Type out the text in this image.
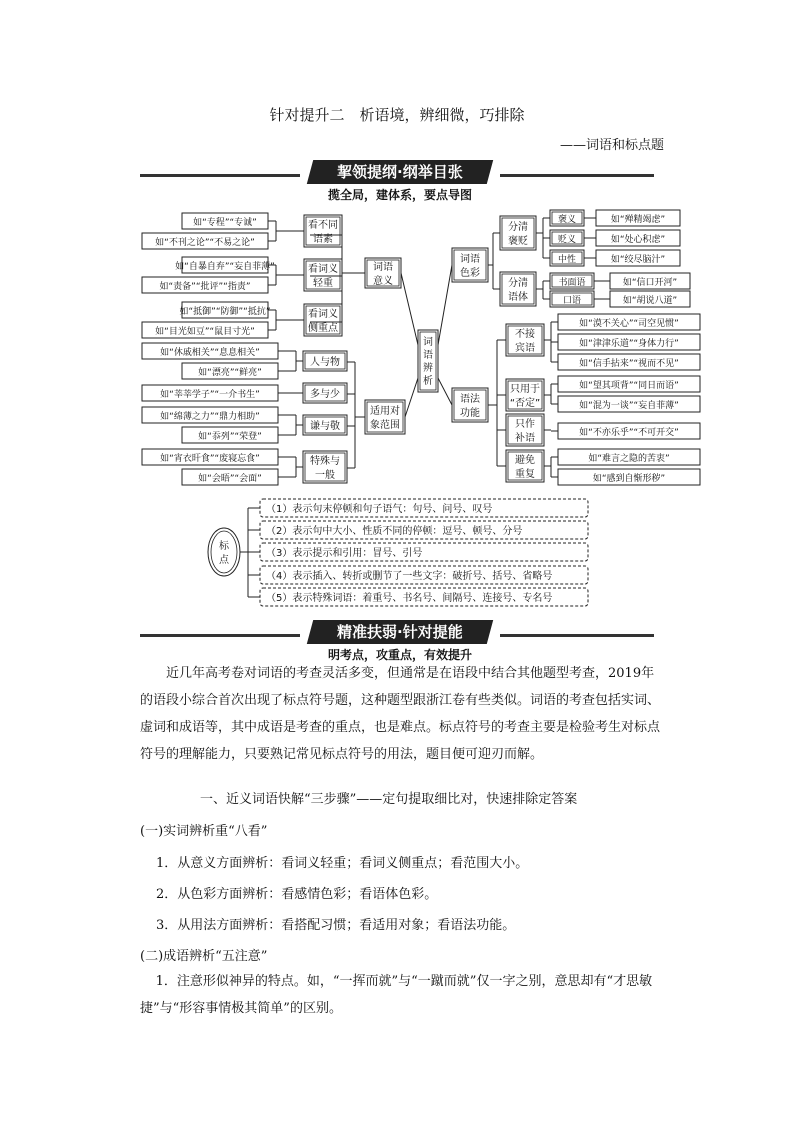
针对提升二　析语境，辨细微，巧排除
——词语和标点题
挈领提纲·纲举目张
揽全局，建体系，要点导图
如“专程”“专诚”
如“不刊之论”“不易之论”
看不同
语素
如“自暴自弃”“妄自菲薄”
如“责备”“批评”“指责”
看词义
轻重
如“抵御”“防御”“抵抗”
如“目光如豆”“鼠目寸光”
看词义
侧重点
词语
意义
如“休戚相关”“息息相关”
如“漂亮”“鲜亮”
人与物
如“莘莘学子”“一介书生”	多与少
如“绵薄之力”“鼎力相助”
如“忝列”“荣登”
谦与敬
如“宵衣旰食”“废寝忘食”
如“会晤”“会面”
特殊与
一般
适用对
象范围
词
语
辨
析
词语
色彩
分清
褒贬
分清
语体
褒义	如“殚精竭虑”
贬义	如“处心积虑”
中性	如“绞尽脑汁”
书面语	如“信口开河”
口语	如“胡说八道”
语法
功能
不接
宾语
如“漠不关心”“司空见惯”
如“津津乐道”“身体力行”
如“信手拈来”“视而不见”
只用于
“否定”
如“望其项背”“同日而语”
如“混为一谈”“妄自菲薄”
只作
补语	如“不亦乐乎”“不可开交”
避免
重复
如“难言之隐的苦衷”
如“感到自惭形秽”
标
点
（1）表示句末停顿和句子语气：句号、问号、叹号
（2）表示句中大小、性质不同的停顿：逗号、顿号、分号
（3）表示提示和引用：冒号、引号
（4）表示插入、转折或删节了一些文字：破折号、括号、省略号
（5）表示特殊词语：着重号、书名号、间隔号、连接号、专名号
精准扶弱·针对提能
明考点，攻重点，有效提升
近几年高考卷对词语的考查灵活多变，但通常是在语段中结合其他题型考查，2019年的语段小综合首次出现了标点符号题，这种题型跟浙江卷有些类似。词语的考查包括实词、虚词和成语等，其中成语是考查的重点，也是难点。标点符号的考查主要是检验考生对标点符号的理解能力，只要熟记常见标点符号的用法，题目便可迎刃而解。
一、近义词语快解“三步骤”——定句提取细比对，快速排除定答案
(一)实词辨析重“八看”
1．从意义方面辨析：看词义轻重；看词义侧重点；看范围大小。
2．从色彩方面辨析：看感情色彩；看语体色彩。
3．从用法方面辨析：看搭配习惯；看适用对象；看语法功能。
(二)成语辨析“五注意”
1．注意形似神异的特点。如，“一挥而就”与“一蹴而就”仅一字之别，意思却有“才思敏捷”与“形容事情极其简单”的区别。
